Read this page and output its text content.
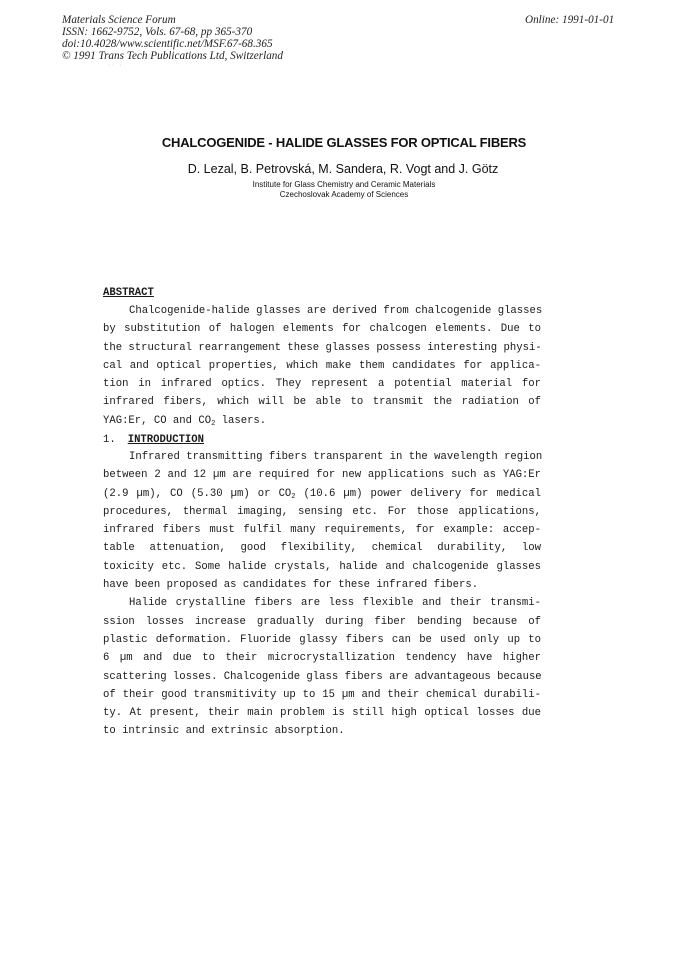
Materials Science Forum
ISSN: 1662-9752, Vols. 67-68, pp 365-370
doi:10.4028/www.scientific.net/MSF.67-68.365
© 1991 Trans Tech Publications Ltd, Switzerland
Online: 1991-01-01
·· ·
CHALCOGENIDE - HALIDE GLASSES FOR OPTICAL FIBERS
D. Lezal, B. Petrovská, M. Sandera, R. Vogt and J. Götz
Institute for Glass Chemistry and Ceramic Materials
Czechoslovak Academy of Sciences
ABSTRACT
Chalcogenide-halide glasses are derived from chalcogenide glasses
by substitution of halogen elements for chalcogen elements. Due to
the structural rearrangement these glasses possess interesting physi-
cal and optical properties, which make them candidates for applica-
tion in infrared optics. They represent a potential material for
infrared fibers, which will be able to transmit the radiation of
YAG:Er, CO and $CO_2$ lasers.
1. INTRODUCTION
Infrared transmitting fibers transparent in the wavelength region
between 2 and 12 µm are required for new applications such as YAG:Er
(2.9 µm), CO (5.30 µm) or $CO_2$ (10.6 µm) power delivery for medical
procedures, thermal imaging, sensing etc. For those applications,
infrared fibers must fulfil many requirements, for example: accep-
table attenuation, good flexibility, chemical durability, low
toxicity etc. Some halide crystals, halide and chalcogenide glasses
have been proposed as candidates for these infrared fibers.
Halide crystalline fibers are less flexible and their transmi-
ssion losses increase gradually during fiber bending because of
plastic deformation. Fluoride glassy fibers can be used only up to
6 µm and due to their microcrystallization tendency have higher
scattering losses. Chalcogenide glass fibers are advantageous because
of their good transmitivity up to 15 µm and their chemical durabili-
ty. At present, their main problem is still high optical losses due
to intrinsic and extrinsic absorption.
